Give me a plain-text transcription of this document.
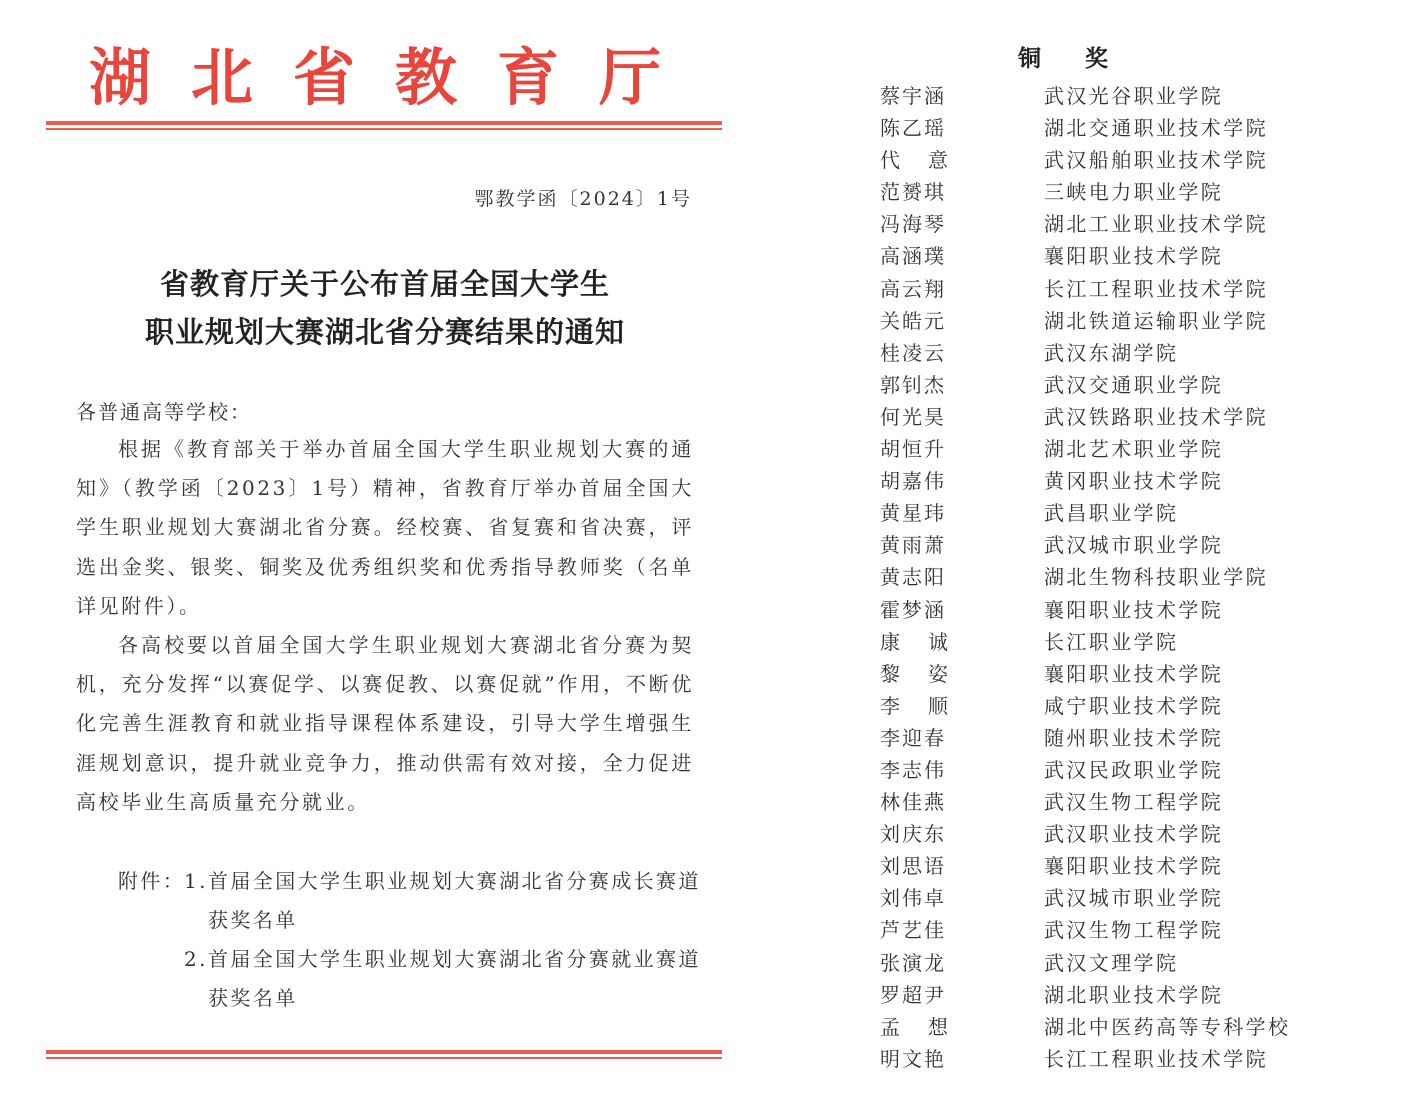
湖北省教育厅
鄂教学函〔2024〕1号
省教育厅关于公布首届全国大学生
职业规划大赛湖北省分赛结果的通知
各普通高等学校：

根据《教育部关于举办首届全国大学生职业规划大赛的通知》（教学函〔2023〕1号）精神，省教育厅举办首届全国大学生职业规划大赛湖北省分赛。经校赛、省复赛和省决赛，评选出金奖、银奖、铜奖及优秀组织奖和优秀指导教师奖（名单详见附件）。

各高校要以首届全国大学生职业规划大赛湖北省分赛为契机，充分发挥“以赛促学、以赛促教、以赛促就”作用，不断优化完善生涯教育和就业指导课程体系建设，引导大学生增强生涯规划意识，提升就业竞争力，推动供需有效对接，全力促进高校毕业生高质量充分就业。

附件：
1. 首届全国大学生职业规划大赛湖北省分赛成长赛道
获奖名单
2. 首届全国大学生职业规划大赛湖北省分赛就业赛道
获奖名单
铜 奖
蔡宇涵	武汉光谷职业学院
陈乙瑶	湖北交通职业技术学院
代意	武汉船舶职业技术学院
范赟琪	三峡电力职业学院
冯海琴	湖北工业职业技术学院
高涵璞	襄阳职业技术学院
高云翔	长江工程职业技术学院
关皓元	湖北铁道运输职业学院
桂凌云	武汉东湖学院
郭钊杰	武汉交通职业学院
何光昊	武汉铁路职业技术学院
胡恒升	湖北艺术职业学院
胡嘉伟	黄冈职业技术学院
黄星玮	武昌职业学院
黄雨萧	武汉城市职业学院
黄志阳	湖北生物科技职业学院
霍梦涵	襄阳职业技术学院
康诚	长江职业学院
黎姿	襄阳职业技术学院
李顺	咸宁职业技术学院
李迎春	随州职业技术学院
李志伟	武汉民政职业学院
林佳燕	武汉生物工程学院
刘庆东	武汉职业技术学院
刘思语	襄阳职业技术学院
刘伟卓	武汉城市职业学院
芦艺佳	武汉生物工程学院
张演龙	武汉文理学院
罗超尹	湖北职业技术学院
孟想	湖北中医药高等专科学校
明文艳	长江工程职业技术学院
